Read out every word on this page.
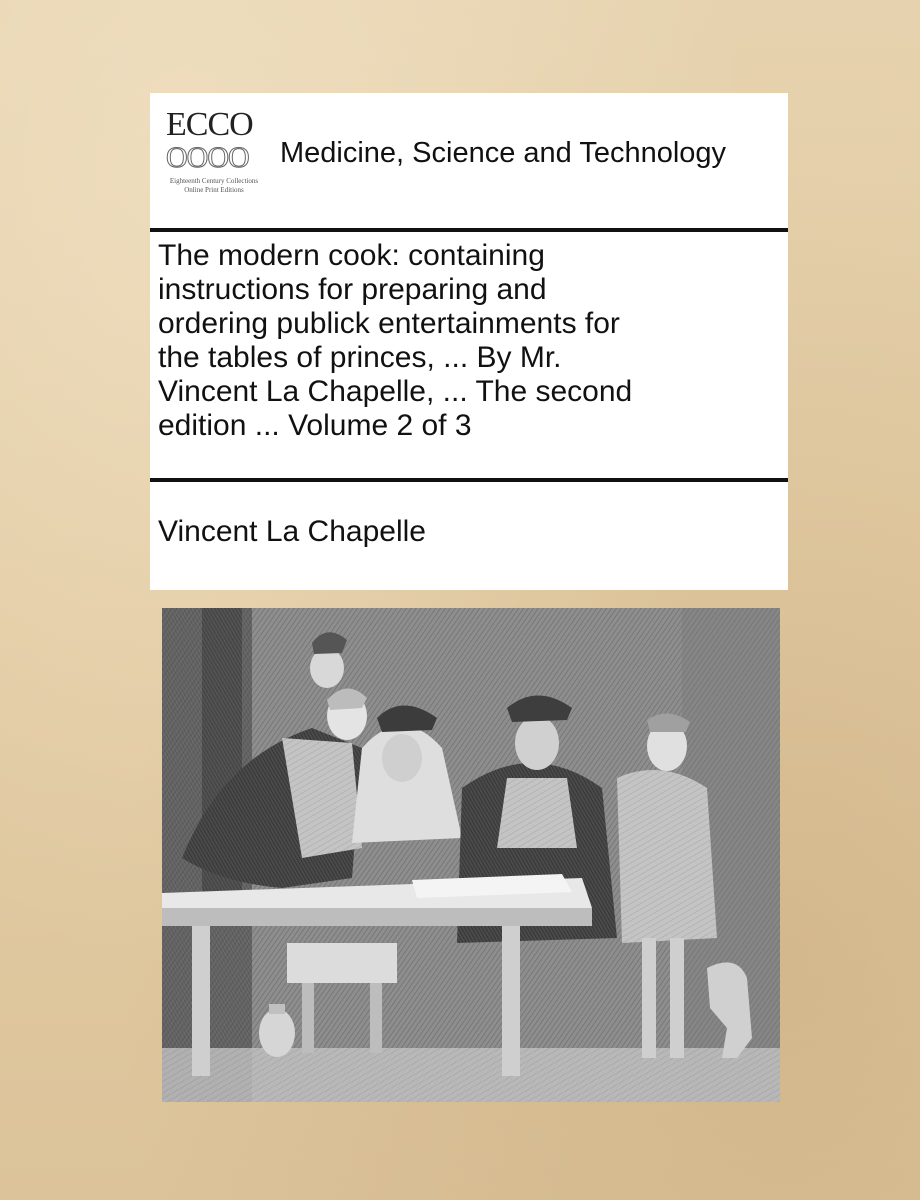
ECCO
O​O​O​O
Eighteenth Century Collections Online Print Editions
Medicine, Science and Technology
The modern cook: containing
instructions for preparing and
ordering publick entertainments for
the tables of princes, ... By Mr.
Vincent La Chapelle, ... The second
edition ... Volume 2 of 3
Vincent La Chapelle
